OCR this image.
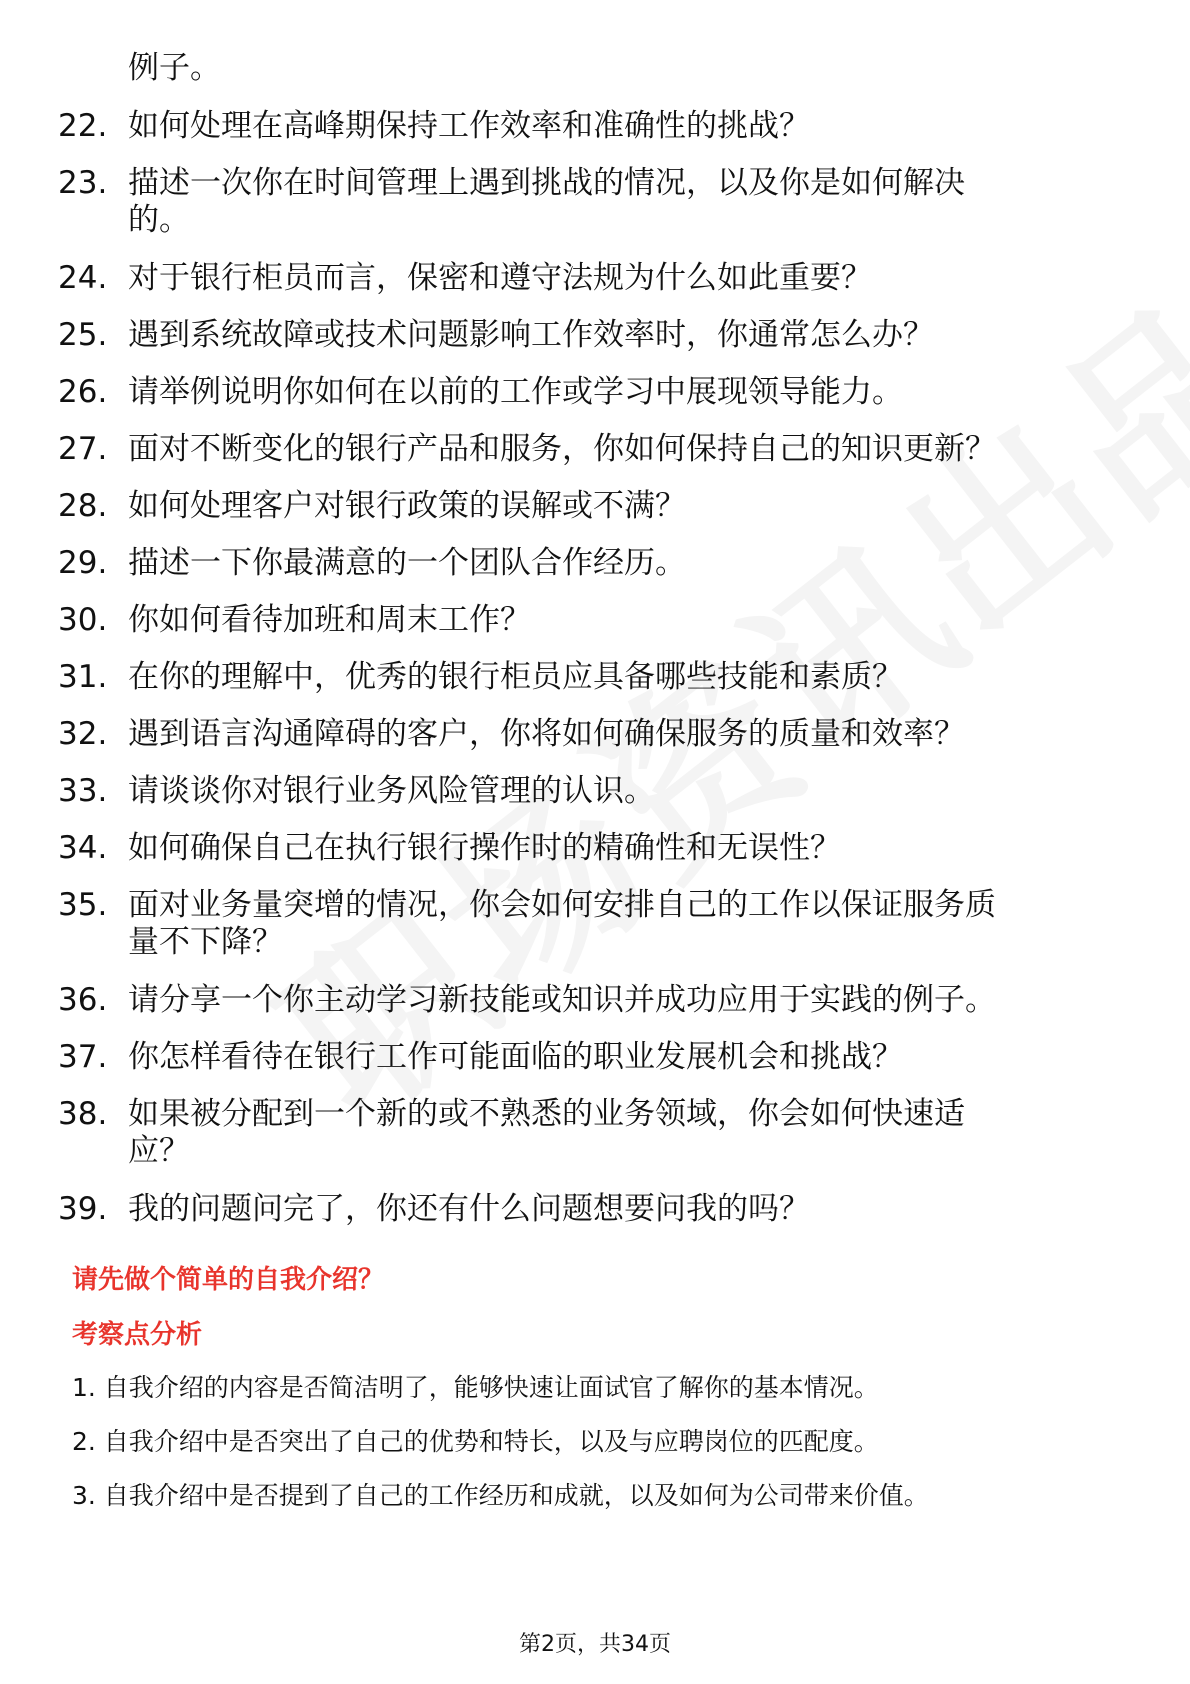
例子。
22. 如何处理在高峰期保持工作效率和准确性的挑战？
23. 描述一次你在时间管理上遇到挑战的情况，以及你是如何解决
的。
24. 对于银行柜员而言，保密和遵守法规为什么如此重要？
25. 遇到系统故障或技术问题影响工作效率时，你通常怎么办？
26. 请举例说明你如何在以前的工作或学习中展现领导能力。
27. 面对不断变化的银行产品和服务，你如何保持自己的知识更新？
28. 如何处理客户对银行政策的误解或不满？
29. 描述一下你最满意的一个团队合作经历。
30. 你如何看待加班和周末工作？
31. 在你的理解中，优秀的银行柜员应具备哪些技能和素质？
32. 遇到语言沟通障碍的客户，你将如何确保服务的质量和效率？
33. 请谈谈你对银行业务风险管理的认识。
34. 如何确保自己在执行银行操作时的精确性和无误性？
35. 面对业务量突增的情况，你会如何安排自己的工作以保证服务质
量不下降？
36. 请分享一个你主动学习新技能或知识并成功应用于实践的例子。
37. 你怎样看待在银行工作可能面临的职业发展机会和挑战？
38. 如果被分配到一个新的或不熟悉的业务领域，你会如何快速适
应？
39. 我的问题问完了，你还有什么问题想要问我的吗？
请先做个简单的自我介绍？
考察点分析
1. 自我介绍的内容是否简洁明了，能够快速让面试官了解你的基本情况。
2. 自我介绍中是否突出了自己的优势和特长，以及与应聘岗位的匹配度。
3. 自我介绍中是否提到了自己的工作经历和成就，以及如何为公司带来价值。
第2页，共34页
